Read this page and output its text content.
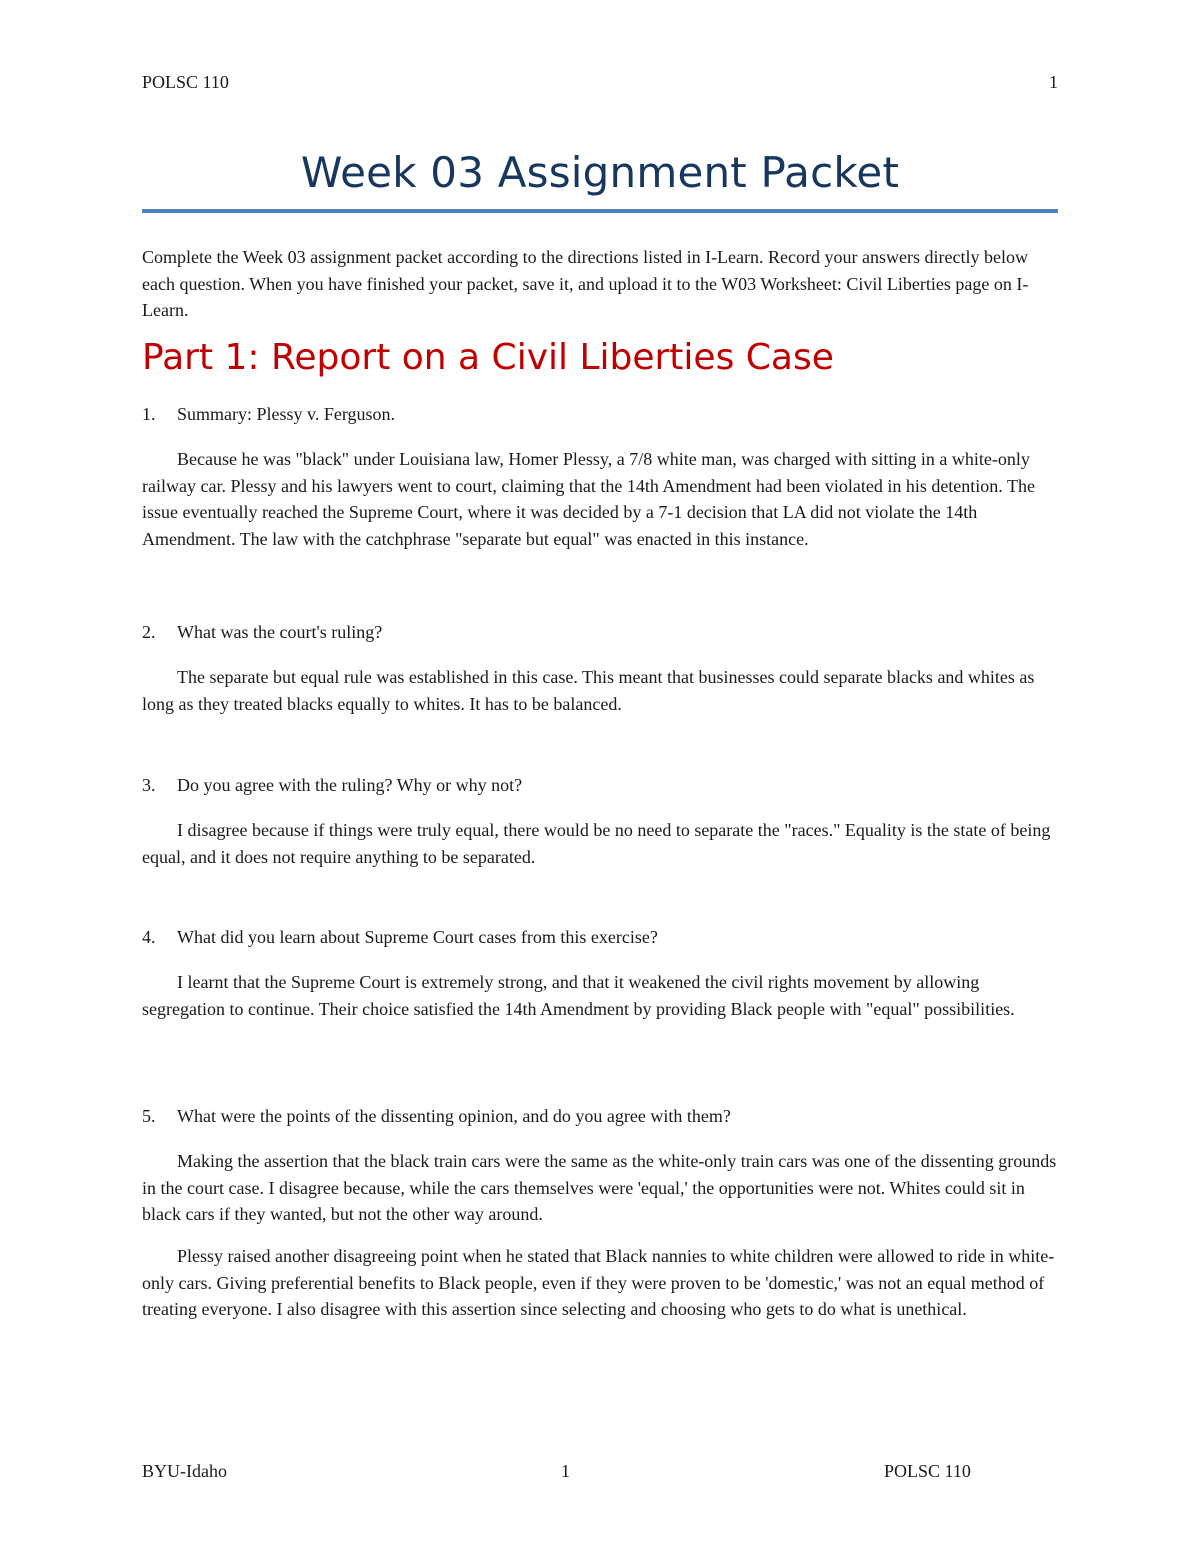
POLSC 110	1
Week 03 Assignment Packet
Complete the Week 03 assignment packet according to the directions listed in I-Learn. Record your answers directly below each question. When you have finished your packet, save it, and upload it to the W03 Worksheet: Civil Liberties page on I-Learn.
Part 1: Report on a Civil Liberties Case
1. Summary: Plessy v. Ferguson.
Because he was "black" under Louisiana law, Homer Plessy, a 7/8 white man, was charged with sitting in a white-only railway car. Plessy and his lawyers went to court, claiming that the 14th Amendment had been violated in his detention. The issue eventually reached the Supreme Court, where it was decided by a 7-1 decision that LA did not violate the 14th Amendment. The law with the catchphrase "separate but equal" was enacted in this instance.
2. What was the court's ruling?
The separate but equal rule was established in this case. This meant that businesses could separate blacks and whites as long as they treated blacks equally to whites. It has to be balanced.
3. Do you agree with the ruling? Why or why not?
I disagree because if things were truly equal, there would be no need to separate the "races." Equality is the state of being equal, and it does not require anything to be separated.
4. What did you learn about Supreme Court cases from this exercise?
I learnt that the Supreme Court is extremely strong, and that it weakened the civil rights movement by allowing segregation to continue. Their choice satisfied the 14th Amendment by providing Black people with "equal" possibilities.
5. What were the points of the dissenting opinion, and do you agree with them?
Making the assertion that the black train cars were the same as the white-only train cars was one of the dissenting grounds in the court case. I disagree because, while the cars themselves were 'equal,' the opportunities were not. Whites could sit in black cars if they wanted, but not the other way around.
Plessy raised another disagreeing point when he stated that Black nannies to white children were allowed to ride in white-only cars. Giving preferential benefits to Black people, even if they were proven to be 'domestic,' was not an equal method of treating everyone. I also disagree with this assertion since selecting and choosing who gets to do what is unethical.
BYU-Idaho	1	POLSC 110
